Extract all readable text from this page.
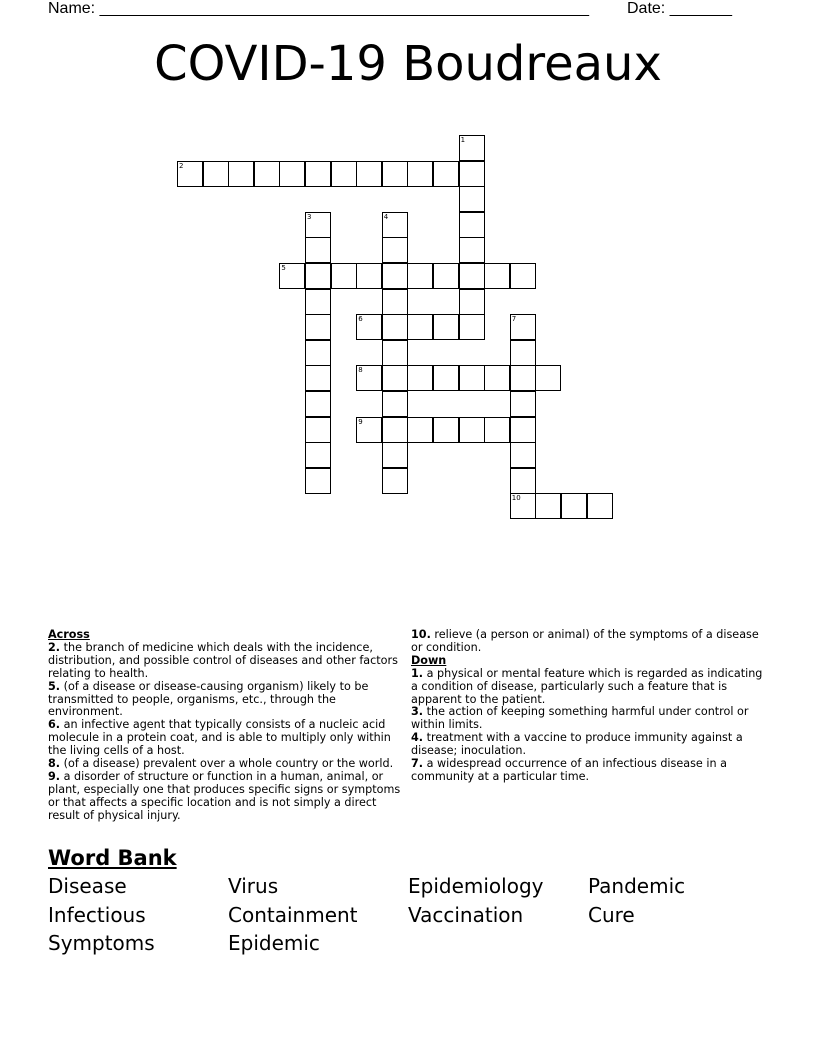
Name: _______________________________________________________ Date: _______
COVID-19 Boudreaux
1
2
3	4
5
6	7
10
8
9
Across
2. the branch of medicine which deals with the incidence, distribution, and possible control of diseases and other factors relating to health.
5. (of a disease or disease-causing organism) likely to be transmitted to people, organisms, etc., through the environment.
6. an infective agent that typically consists of a nucleic acid molecule in a protein coat, and is able to multiply only within the living cells of a host.
8. (of a disease) prevalent over a whole country or the world.
9. a disorder of structure or function in a human, animal, or plant, especially one that produces specific signs or symptoms or that affects a specific location and is not simply a direct result of physical injury.
10. relieve (a person or animal) of the symptoms of a disease or condition.
Down
1. a physical or mental feature which is regarded as indicating a condition of disease, particularly such a feature that is apparent to the patient.
3. the action of keeping something harmful under control or within limits.
4. treatment with a vaccine to produce immunity against a disease; inoculation.
7. a widespread occurrence of an infectious disease in a community at a particular time.
Word Bank
Disease	Virus	Epidemiology Pandemic
Infectious	Containment	Vaccination	Cure
Symptoms	Epidemic
